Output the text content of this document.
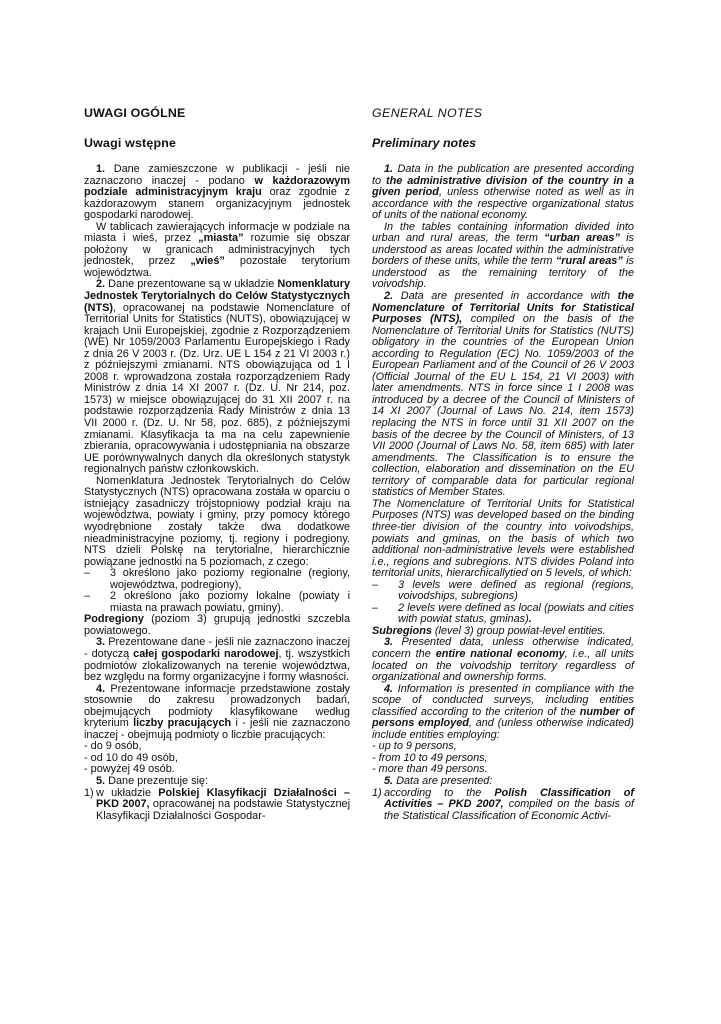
UWAGI OGÓLNE
Uwagi wstępne

1. Dane zamieszczone w publikacji - jeśli nie zaznaczono inaczej - podano w każdorazowym podziale administracyjnym kraju oraz zgodnie z każdorazowym stanem organizacyjnym jednostek gospodarki narodowej.

W tablicach zawierających informacje w podziale na miasta i wieś, przez „miasta” rozumie się obszar położony w granicach administracyjnych tych jednostek, przez „wieś” pozostałe terytorium województwa.

2. Dane prezentowane są w układzie Nomenklatury Jednostek Terytorialnych do Celów Statystycznych (NTS), opracowanej na podstawie Nomenclature of Territorial Units for Statistics (NUTS), obowiązującej w krajach Unii Europejskiej, zgodnie z Rozporządzeniem (WE) Nr 1059/2003 Parlamentu Europejskiego i Rady z dnia 26 V 2003 r. (Dz. Urz. UE L 154 z 21 VI 2003 r.) z późniejszymi zmianami. NTS obowiązująca od 1 I 2008 r. wprowadzona została rozporządzeniem Rady Ministrów z dnia 14 XI 2007 r. (Dz. U. Nr 214, poz. 1573) w miejsce obowiązującej do 31 XII 2007 r. na podstawie rozporządzenia Rady Ministrów z dnia 13 VII 2000 r. (Dz. U. Nr 58, poz. 685), z późniejszymi zmianami. Klasyfikacja ta ma na celu zapewnienie zbierania, opracowywania i udostępniania na obszarze UE porównywalnych danych dla określonych statystyk regionalnych państw członkowskich.

Nomenklatura Jednostek Terytorialnych do Celów Statystycznych (NTS) opracowana została w oparciu o istniejący zasadniczy trójstopniowy podział kraju na województwa, powiaty i gminy, przy pomocy którego wyodrębnione zostały także dwa dodatkowe nieadministracyjne poziomy, tj. regiony i podregiony. NTS dzieli Polskę na terytorialne, hierarchicznie powiązane jednostki na 5 poziomach, z czego:

– 3 określono jako poziomy regionalne (regiony, województwa, podregiony),
– 2 określono jako poziomy lokalne (powiaty i miasta na prawach powiatu, gminy).

Podregiony (poziom 3) grupują jednostki szczebla powiatowego.

3. Prezentowane dane - jeśli nie zaznaczono inaczej - dotyczą całej gospodarki narodowej, tj. wszystkich podmiotów zlokalizowanych na terenie województwa, bez względu na formy organizacyjne i formy własności.

4. Prezentowane informacje przedstawione zostały stosownie do zakresu prowadzonych badań, obejmujących podmioty klasyfikowane według kryterium liczby pracujących i - jeśli nie zaznaczono inaczej - obejmują podmioty o liczbie pracujących:

- do 9 osób,

- od 10 do 49 osób,

- powyżej 49 osób.

5. Dane prezentuje się:

1) w układzie Polskiej Klasyfikacji Działalności – PKD 2007, opracowanej na podstawie Statystycznej Klasyfikacji Działalności Gospodar-
GENERAL NOTES
Preliminary notes

1. Data in the publication are presented according to the administrative division of the country in a given period, unless otherwise noted as well as in accordance with the respective organizational status of units of the national economy.

In the tables containing information divided into urban and rural areas, the term “urban areas” is understood as areas located within the administrative borders of these units, while the term “rural areas” is understood as the remaining territory of the voivodship.

2. Data are presented in accordance with the Nomenclature of Territorial Units for Statistical Purposes (NTS), compiled on the basis of the Nomenclature of Territorial Units for Statistics (NUTS) obligatory in the countries of the European Union according to Regulation (EC) No. 1059/2003 of the European Parliament and of the Council of 26 V 2003 (Official Journal of the EU L 154, 21 VI 2003) with later amendments. NTS in force since 1 I 2008 was introduced by a decree of the Council of Ministers of 14 XI 2007 (Journal of Laws No. 214, item 1573) replacing the NTS in force until 31 XII 2007 on the basis of the decree by the Council of Ministers, of 13 VII 2000 (Journal of Laws No. 58, item 685) with later amendments. The Classification is to ensure the collection, elaboration and dissemination on the EU territory of comparable data for particular regional statistics of Member States.

The Nomenclature of Territorial Units for Statistical Purposes (NTS) was developed based on the binding three-tier division of the country into voivodships, powiats and gminas, on the basis of which two additional non-administrative levels were established i.e., regions and subregions. NTS divides Poland into territorial units, hierarchicallytied on 5 levels, of which:

– 3 levels were defined as regional (regions, voivodships, subregions)
– 2 levels were defined as local (powiats and cities with powiat status, gminas).

Subregions (level 3) group powiat-level entities.

3. Presented data, unless otherwise indicated, concern the entire national economy, i.e., all units located on the voivodship territory regardless of organizational and ownership forms.

4. Information is presented in compliance with the scope of conducted surveys, including entities classified according to the criterion of the number of persons employed, and (unless otherwise indicated) include entities employing:

- up to 9 persons,

- from 10 to 49 persons,

- more than 49 persons.

5. Data are presented:

1) according to the Polish Classification of Activities – PKD 2007, compiled on the basis of the Statistical Classification of Economic Activi-
